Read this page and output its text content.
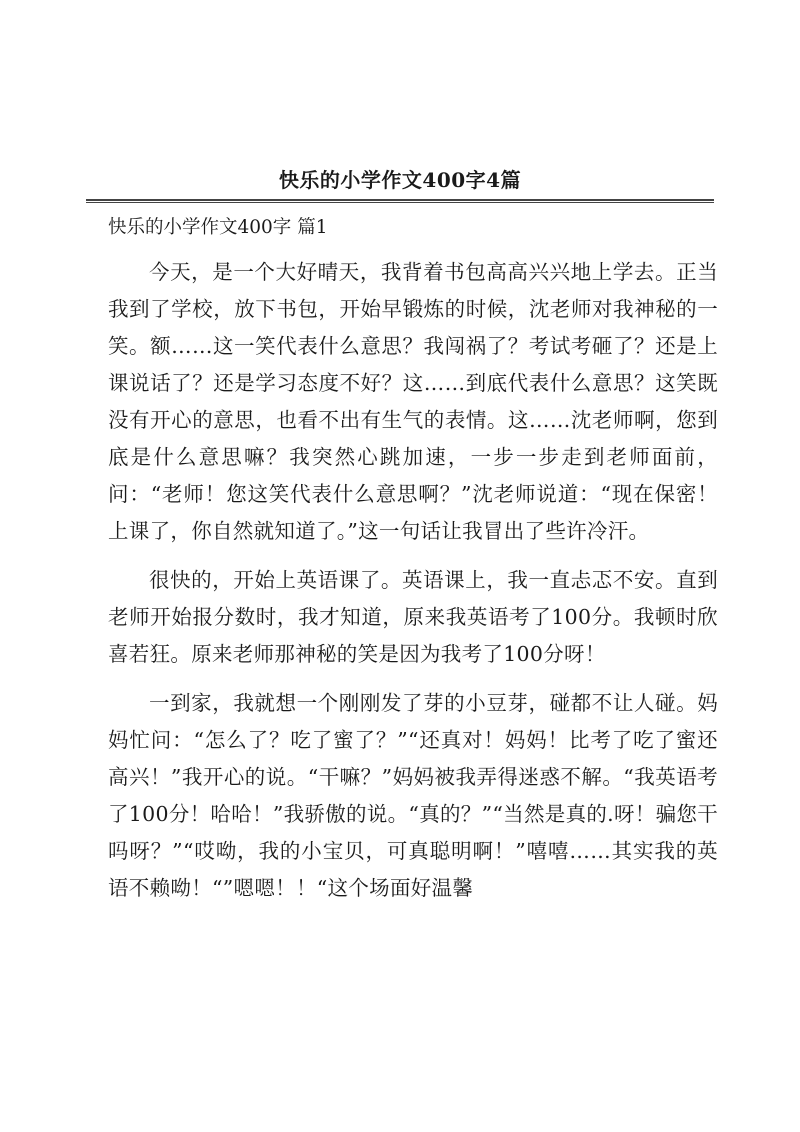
快乐的小学作文400字4篇
快乐的小学作文400字 篇1

今天，是一个大好晴天，我背着书包高高兴兴地上学去。正当我到了学校，放下书包，开始早锻炼的时候，沈老师对我神秘的一笑。额……这一笑代表什么意思？我闯祸了？考试考砸了？还是上课说话了？还是学习态度不好？这……到底代表什么意思？这笑既没有开心的意思，也看不出有生气的表情。这……沈老师啊，您到底是什么意思嘛？我突然心跳加速，一步一步走到老师面前，问：“老师！您这笑代表什么意思啊？”沈老师说道：“现在保密！上课了，你自然就知道了。”这一句话让我冒出了些许冷汗。

很快的，开始上英语课了。英语课上，我一直忐忑不安。直到老师开始报分数时，我才知道，原来我英语考了100分。我顿时欣喜若狂。原来老师那神秘的笑是因为我考了100分呀！

一到家，我就想一个刚刚发了芽的小豆芽，碰都不让人碰。妈妈忙问：“怎么了？吃了蜜了？”“还真对！妈妈！比考了吃了蜜还高兴！”我开心的说。“干嘛？”妈妈被我弄得迷惑不解。“我英语考了100分！哈哈！”我骄傲的说。“真的？”“当然是真的.呀！骗您干吗呀？”“哎呦，我的小宝贝，可真聪明啊！”嘻嘻……其实我的英语不赖呦！“”嗯嗯！！“这个场面好温馨
